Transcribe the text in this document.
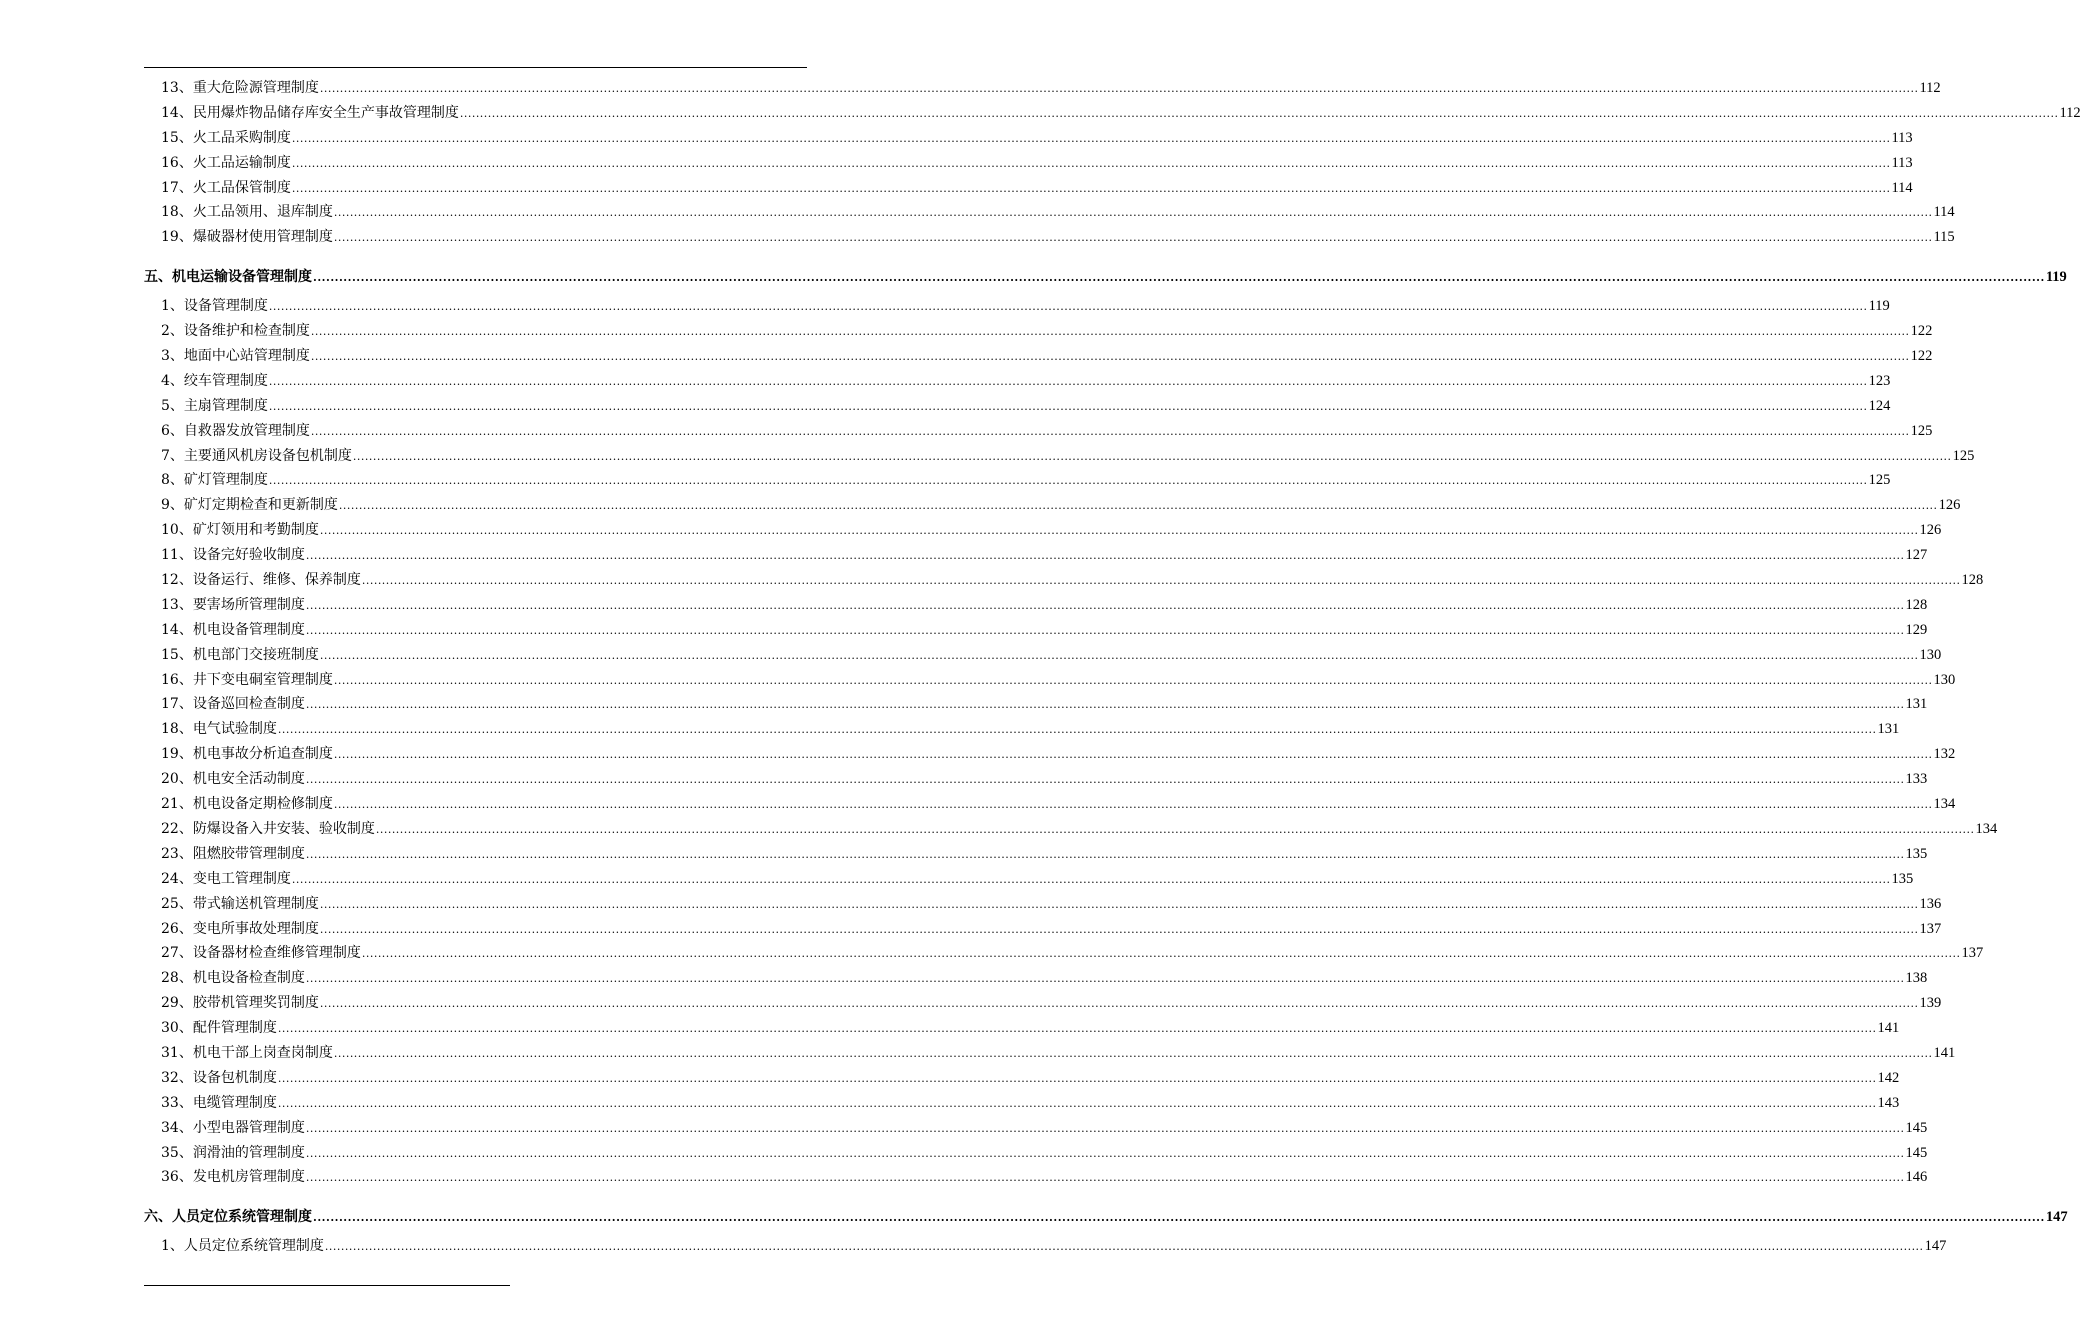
13、重大危险源管理制度 ................................................................................................................................................................................................................................................................................................................................................................................................................ 112
14、民用爆炸物品储存库安全生产事故管理制度 ................................................................................................................................................................................................................................................................................................................................................................................................................ 112
15、火工品采购制度 ................................................................................................................................................................................................................................................................................................................................................................................................................ 113
16、火工品运输制度 ................................................................................................................................................................................................................................................................................................................................................................................................................ 113
17、火工品保管制度 ................................................................................................................................................................................................................................................................................................................................................................................................................ 114
18、火工品领用、退库制度 ................................................................................................................................................................................................................................................................................................................................................................................................................ 114
19、爆破器材使用管理制度 ................................................................................................................................................................................................................................................................................................................................................................................................................ 115
五、机电运输设备管理制度 ................................................................................................................................................................................................................................................................................................................................................................................................................ 119
1、设备管理制度 ................................................................................................................................................................................................................................................................................................................................................................................................................ 119
2、设备维护和检查制度 ................................................................................................................................................................................................................................................................................................................................................................................................................ 122
3、地面中心站管理制度 ................................................................................................................................................................................................................................................................................................................................................................................................................ 122
4、绞车管理制度 ................................................................................................................................................................................................................................................................................................................................................................................................................ 123
5、主扇管理制度 ................................................................................................................................................................................................................................................................................................................................................................................................................ 124
6、自救器发放管理制度 ................................................................................................................................................................................................................................................................................................................................................................................................................ 125
7、主要通风机房设备包机制度 ................................................................................................................................................................................................................................................................................................................................................................................................................ 125
8、矿灯管理制度 ................................................................................................................................................................................................................................................................................................................................................................................................................ 125
9、矿灯定期检查和更新制度 ................................................................................................................................................................................................................................................................................................................................................................................................................ 126
10、矿灯领用和考勤制度 ................................................................................................................................................................................................................................................................................................................................................................................................................ 126
11、设备完好验收制度 ................................................................................................................................................................................................................................................................................................................................................................................................................ 127
12、设备运行、维修、保养制度 ................................................................................................................................................................................................................................................................................................................................................................................................................ 128
13、要害场所管理制度 ................................................................................................................................................................................................................................................................................................................................................................................................................ 128
14、机电设备管理制度 ................................................................................................................................................................................................................................................................................................................................................................................................................ 129
15、机电部门交接班制度 ................................................................................................................................................................................................................................................................................................................................................................................................................ 130
16、井下变电硐室管理制度 ................................................................................................................................................................................................................................................................................................................................................................................................................ 130
17、设备巡回检查制度 ................................................................................................................................................................................................................................................................................................................................................................................................................ 131
18、电气试验制度 ................................................................................................................................................................................................................................................................................................................................................................................................................ 131
19、机电事故分析追查制度 ................................................................................................................................................................................................................................................................................................................................................................................................................ 132
20、机电安全活动制度 ................................................................................................................................................................................................................................................................................................................................................................................................................ 133
21、机电设备定期检修制度 ................................................................................................................................................................................................................................................................................................................................................................................................................ 134
22、防爆设备入井安装、验收制度 ................................................................................................................................................................................................................................................................................................................................................................................................................ 134
23、阻燃胶带管理制度 ................................................................................................................................................................................................................................................................................................................................................................................................................ 135
24、变电工管理制度 ................................................................................................................................................................................................................................................................................................................................................................................................................ 135
25、带式输送机管理制度 ................................................................................................................................................................................................................................................................................................................................................................................................................ 136
26、变电所事故处理制度 ................................................................................................................................................................................................................................................................................................................................................................................................................ 137
27、设备器材检查维修管理制度 ................................................................................................................................................................................................................................................................................................................................................................................................................ 137
28、机电设备检查制度 ................................................................................................................................................................................................................................................................................................................................................................................................................ 138
29、胶带机管理奖罚制度 ................................................................................................................................................................................................................................................................................................................................................................................................................ 139
30、配件管理制度 ................................................................................................................................................................................................................................................................................................................................................................................................................ 141
31、机电干部上岗查岗制度 ................................................................................................................................................................................................................................................................................................................................................................................................................ 141
32、设备包机制度 ................................................................................................................................................................................................................................................................................................................................................................................................................ 142
33、电缆管理制度 ................................................................................................................................................................................................................................................................................................................................................................................................................ 143
34、小型电器管理制度 ................................................................................................................................................................................................................................................................................................................................................................................................................ 145
35、润滑油的管理制度 ................................................................................................................................................................................................................................................................................................................................................................................................................ 145
36、发电机房管理制度 ................................................................................................................................................................................................................................................................................................................................................................................................................ 146
六、人员定位系统管理制度 ................................................................................................................................................................................................................................................................................................................................................................................................................ 147
1、人员定位系统管理制度 ................................................................................................................................................................................................................................................................................................................................................................................................................ 147
